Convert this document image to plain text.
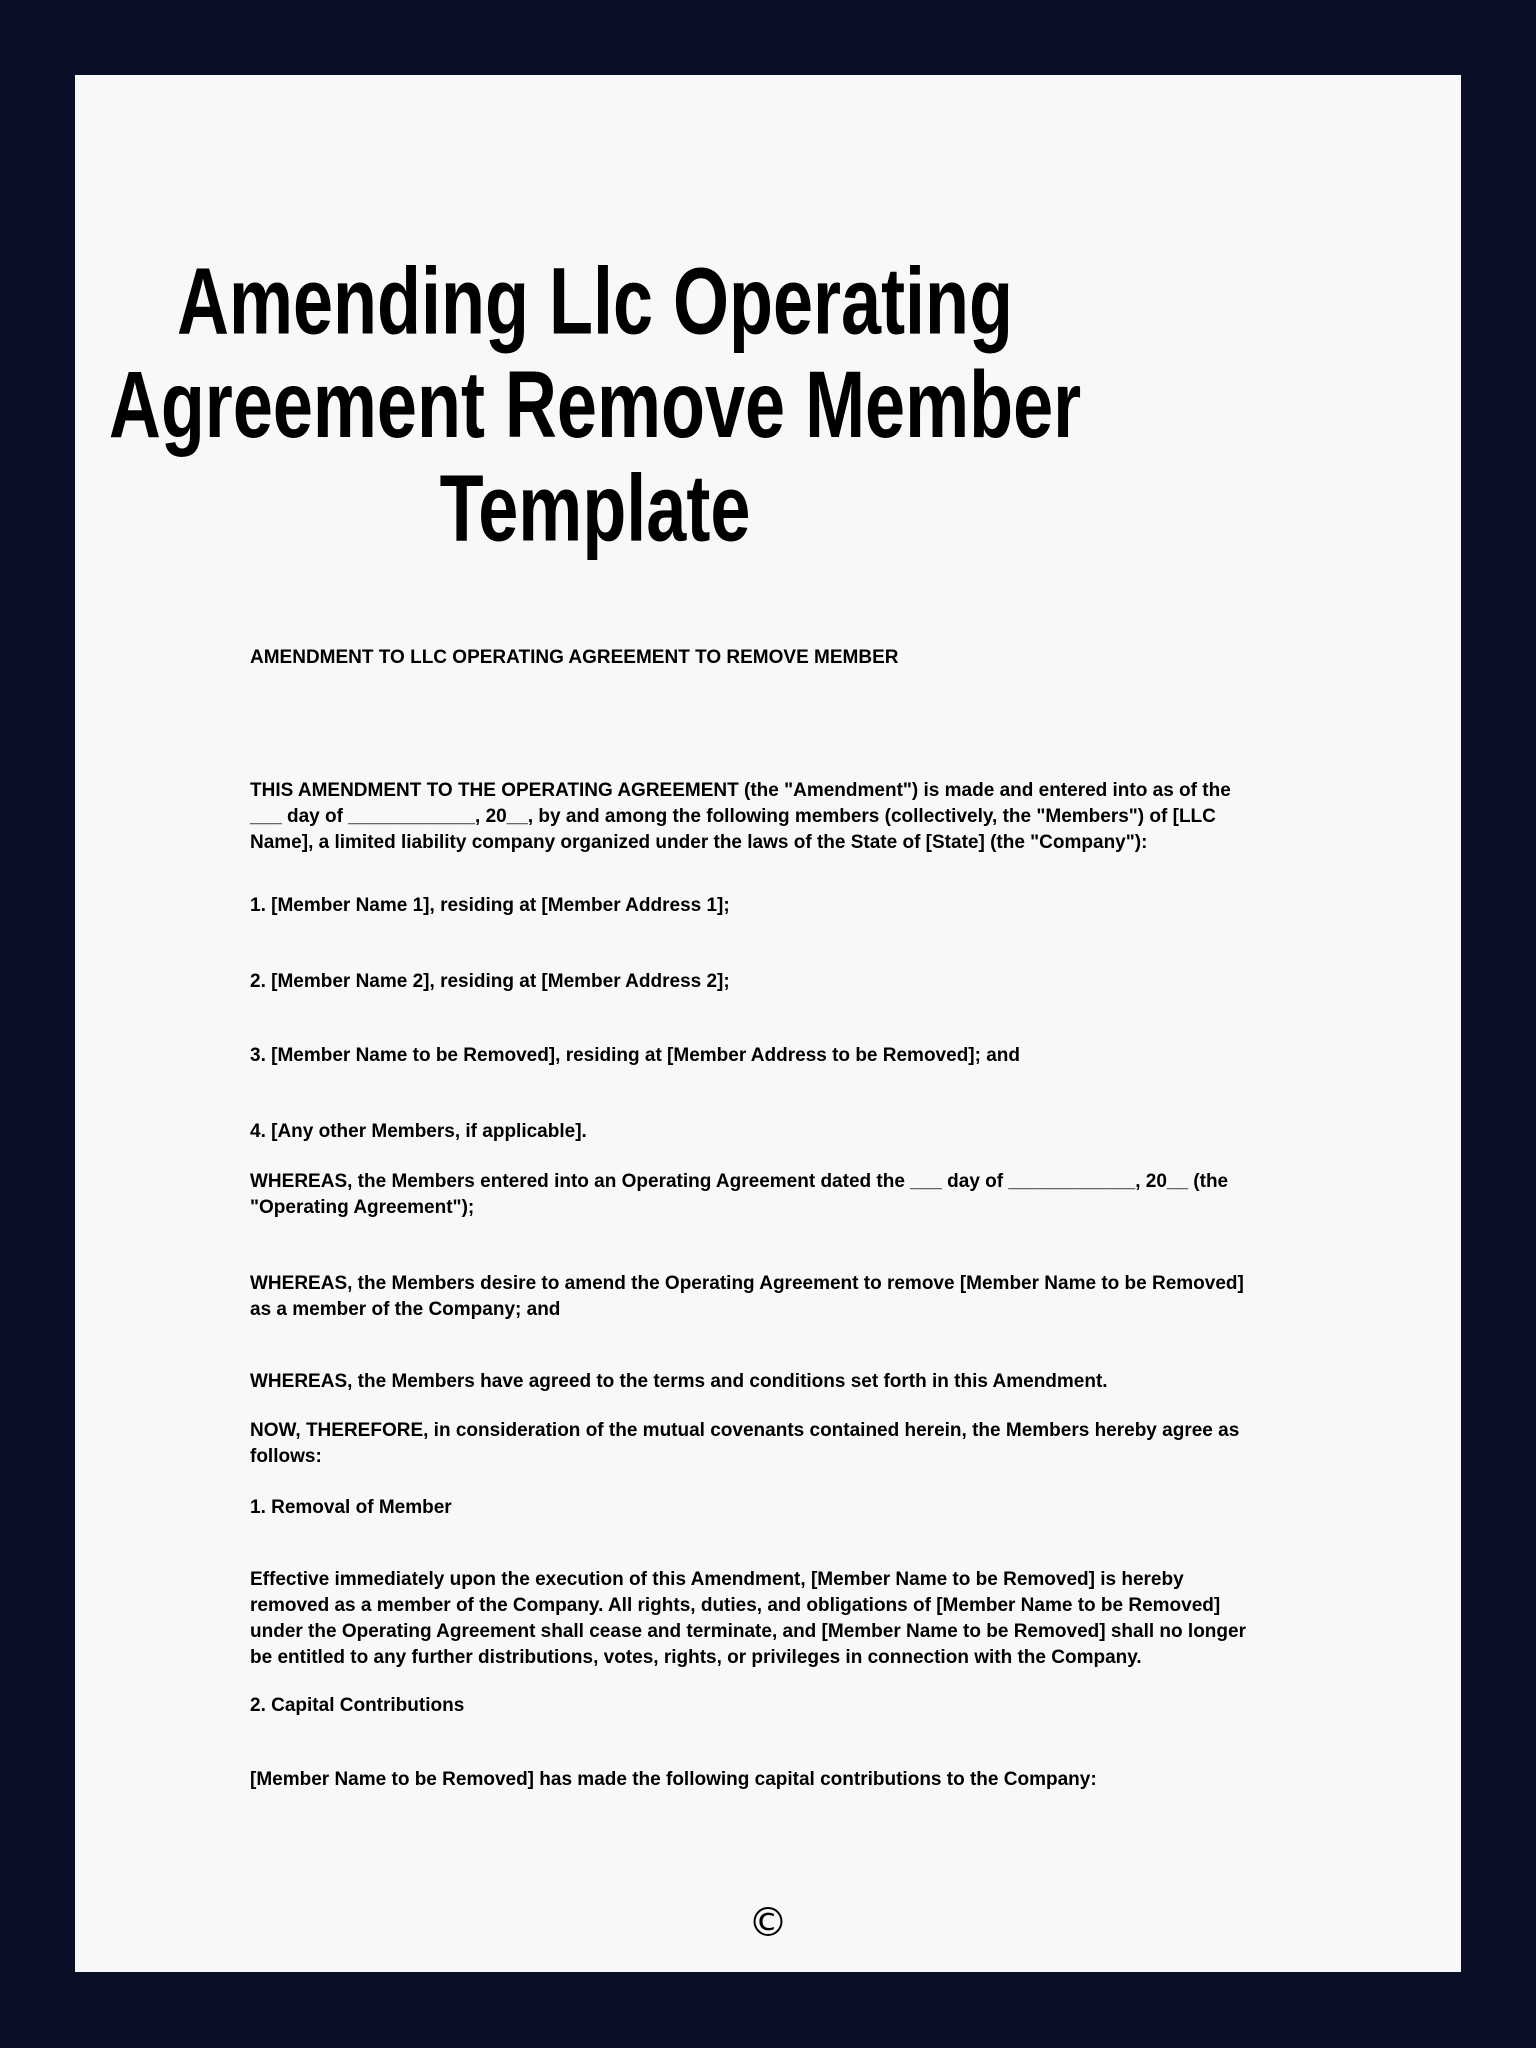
Amending Llc Operating Agreement Remove Member Template

AMENDMENT TO LLC OPERATING AGREEMENT TO REMOVE MEMBER

THIS AMENDMENT TO THE OPERATING AGREEMENT (the "Amendment") is made and entered into as of the ___ day of ____________, 20__, by and among the following members (collectively, the "Members") of [LLC Name], a limited liability company organized under the laws of the State of [State] (the "Company"):

1. [Member Name 1], residing at [Member Address 1];

2. [Member Name 2], residing at [Member Address 2];

3. [Member Name to be Removed], residing at [Member Address to be Removed]; and

4. [Any other Members, if applicable].

WHEREAS, the Members entered into an Operating Agreement dated the ___ day of ____________, 20__ (the "Operating Agreement");

WHEREAS, the Members desire to amend the Operating Agreement to remove [Member Name to be Removed] as a member of the Company; and

WHEREAS, the Members have agreed to the terms and conditions set forth in this Amendment.

NOW, THEREFORE, in consideration of the mutual covenants contained herein, the Members hereby agree as follows:

1. Removal of Member

Effective immediately upon the execution of this Amendment, [Member Name to be Removed] is hereby removed as a member of the Company. All rights, duties, and obligations of [Member Name to be Removed] under the Operating Agreement shall cease and terminate, and [Member Name to be Removed] shall no longer be entitled to any further distributions, votes, rights, or privileges in connection with the Company.

2. Capital Contributions

[Member Name to be Removed] has made the following capital contributions to the Company:

©
